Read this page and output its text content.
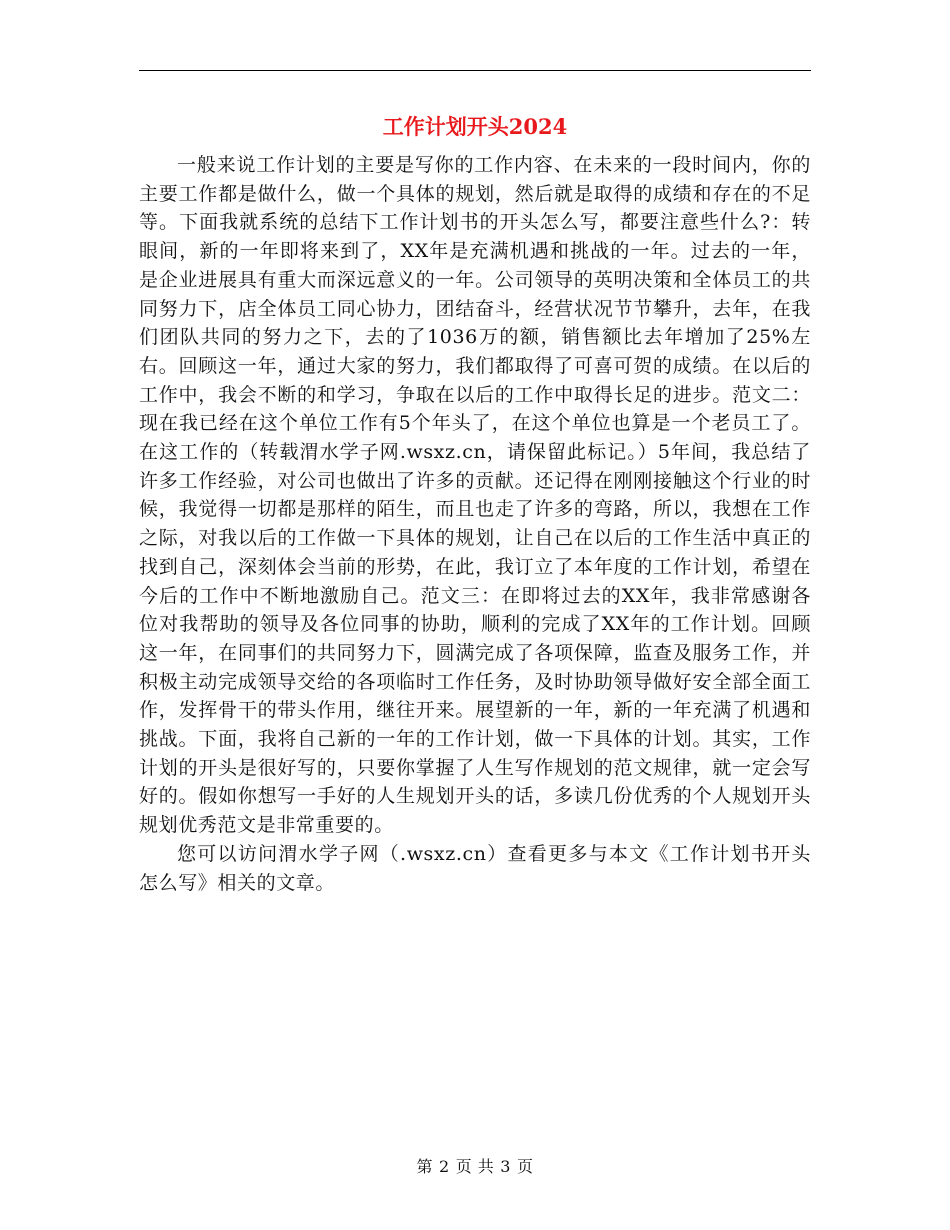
工作计划开头2024

一般来说工作计划的主要是写你的工作内容、在未来的一段时间内，你的主要工作都是做什么，做一个具体的规划，然后就是取得的成绩和存在的不足等。下面我就系统的总结下工作计划书的开头怎么写，都要注意些什么?：转眼间，新的一年即将来到了，XX年是充满机遇和挑战的一年。过去的一年，是企业进展具有重大而深远意义的一年。公司领导的英明决策和全体员工的共同努力下，店全体员工同心协力，团结奋斗，经营状况节节攀升，去年，在我们团队共同的努力之下，去的了1036万的额，销售额比去年增加了25%左右。回顾这一年，通过大家的努力，我们都取得了可喜可贺的成绩。在以后的工作中，我会不断的和学习，争取在以后的工作中取得长足的进步。范文二：现在我已经在这个单位工作有5个年头了，在这个单位也算是一个老员工了。在这工作的（转载渭水学子网.wsxz.cn，请保留此标记。）5年间，我总结了许多工作经验，对公司也做出了许多的贡献。还记得在刚刚接触这个行业的时候，我觉得一切都是那样的陌生，而且也走了许多的弯路，所以，我想在工作之际，对我以后的工作做一下具体的规划，让自己在以后的工作生活中真正的找到自己，深刻体会当前的形势，在此，我订立了本年度的工作计划，希望在今后的工作中不断地激励自己。范文三：在即将过去的XX年，我非常感谢各位对我帮助的领导及各位同事的协助，顺利的完成了XX年的工作计划。回顾这一年，在同事们的共同努力下，圆满完成了各项保障，监查及服务工作，并积极主动完成领导交给的各项临时工作任务，及时协助领导做好安全部全面工作，发挥骨干的带头作用，继往开来。展望新的一年，新的一年充满了机遇和挑战。下面，我将自己新的一年的工作计划，做一下具体的计划。其实，工作计划的开头是很好写的，只要你掌握了人生写作规划的范文规律，就一定会写好的。假如你想写一手好的人生规划开头的话，多读几份优秀的个人规划开头规划优秀范文是非常重要的。

您可以访问渭水学子网（.wsxz.cn）查看更多与本文《工作计划书开头怎么写》相关的文章。

第 2 页 共 3 页
